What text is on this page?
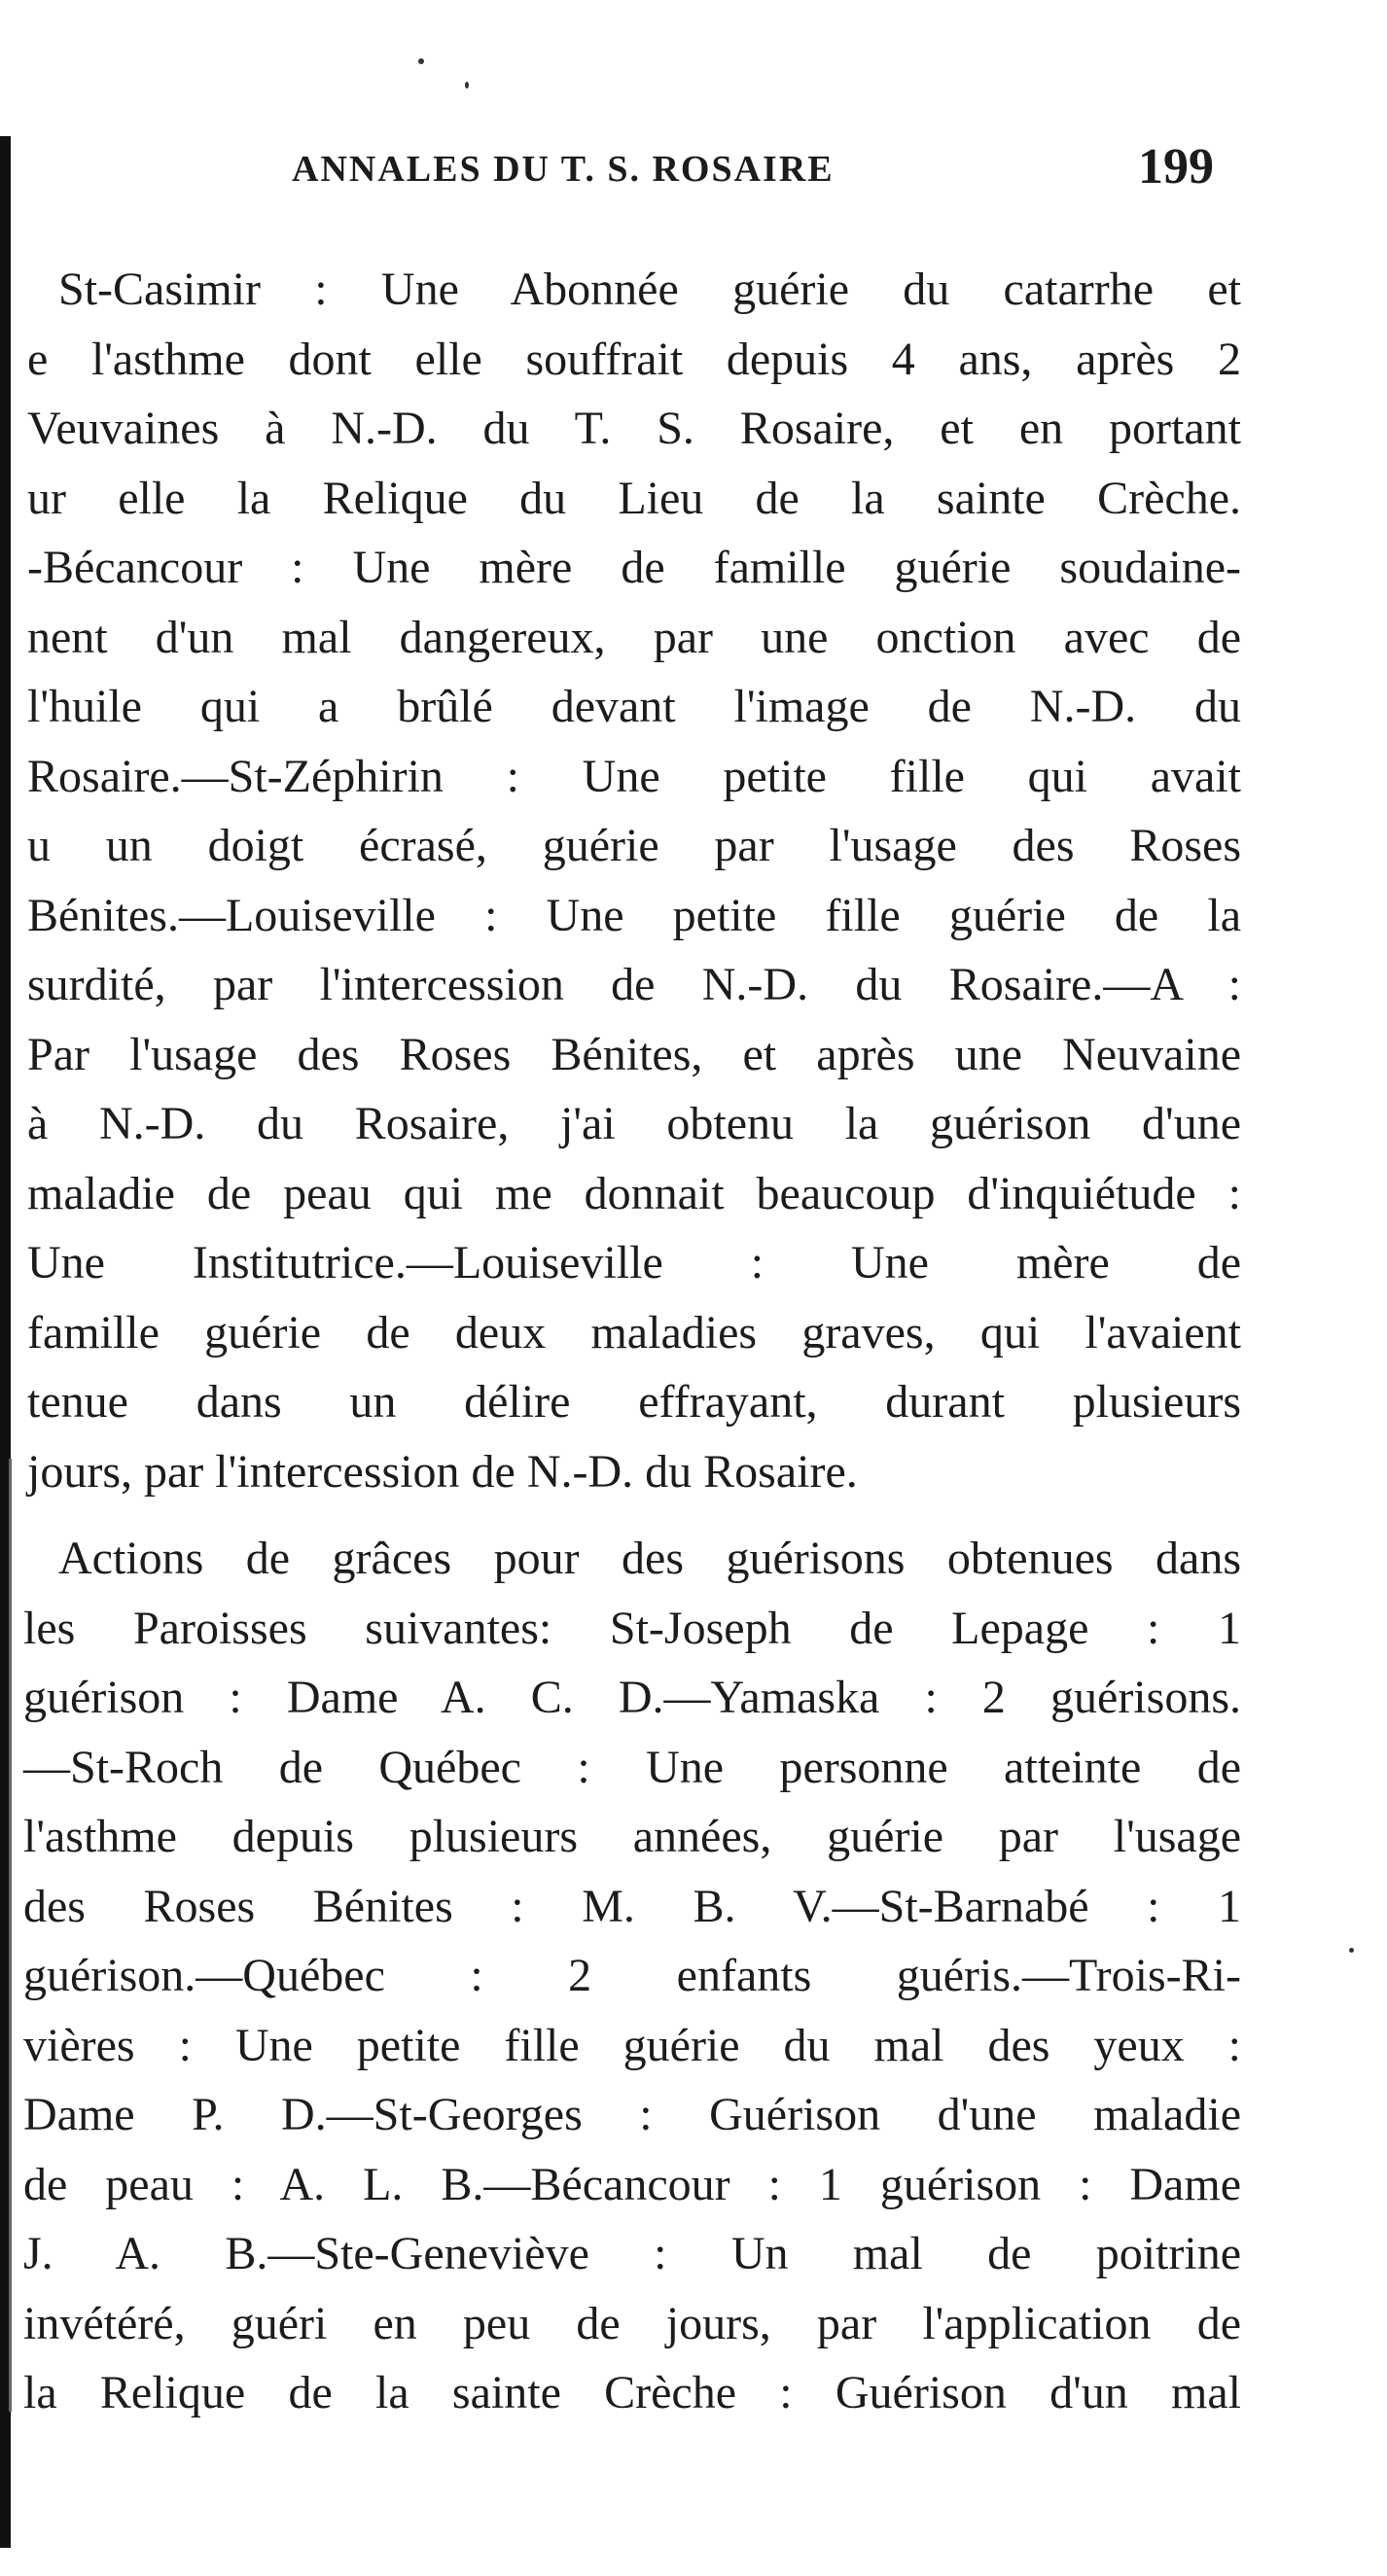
ANNALES DU T. S. ROSAIRE	199
St-Casimir : Une Abonnée guérie du catarrhe et
e l'asthme dont elle souffrait depuis 4 ans, après 2
Veuvaines à N.-D. du T. S. Rosaire, et en portant
ur elle la Relique du Lieu de la sainte Crèche.
-Bécancour : Une mère de famille guérie soudaine-
nent d'un mal dangereux, par une onction avec de
l'huile qui a brûlé devant l'image de N.-D. du
Rosaire.—St-Zéphirin : Une petite fille qui avait
u un doigt écrasé, guérie par l'usage des Roses
Bénites.—Louiseville : Une petite fille guérie de la
surdité, par l'intercession de N.-D. du Rosaire.—A :
Par l'usage des Roses Bénites, et après une Neuvaine
à N.-D. du Rosaire, j'ai obtenu la guérison d'une
maladie de peau qui me donnait beaucoup d'inquiétude :
Une Institutrice.—Louiseville : Une mère de
famille guérie de deux maladies graves, qui l'avaient
tenue dans un délire effrayant, durant plusieurs
jours, par l'intercession de N.-D. du Rosaire.
Actions de grâces pour des guérisons obtenues dans
les Paroisses suivantes: St-Joseph de Lepage : 1
guérison : Dame A. C. D.—Yamaska : 2 guérisons.
—St-Roch de Québec : Une personne atteinte de
l'asthme depuis plusieurs années, guérie par l'usage
des Roses Bénites : M. B. V.—St-Barnabé : 1
guérison.—Québec : 2 enfants guéris.—Trois-Ri-
vières : Une petite fille guérie du mal des yeux :
Dame P. D.—St-Georges : Guérison d'une maladie
de peau : A. L. B.—Bécancour : 1 guérison : Dame
J. A. B.—Ste-Geneviève : Un mal de poitrine
invétéré, guéri en peu de jours, par l'application de
la Relique de la sainte Crèche : Guérison d'un mal
